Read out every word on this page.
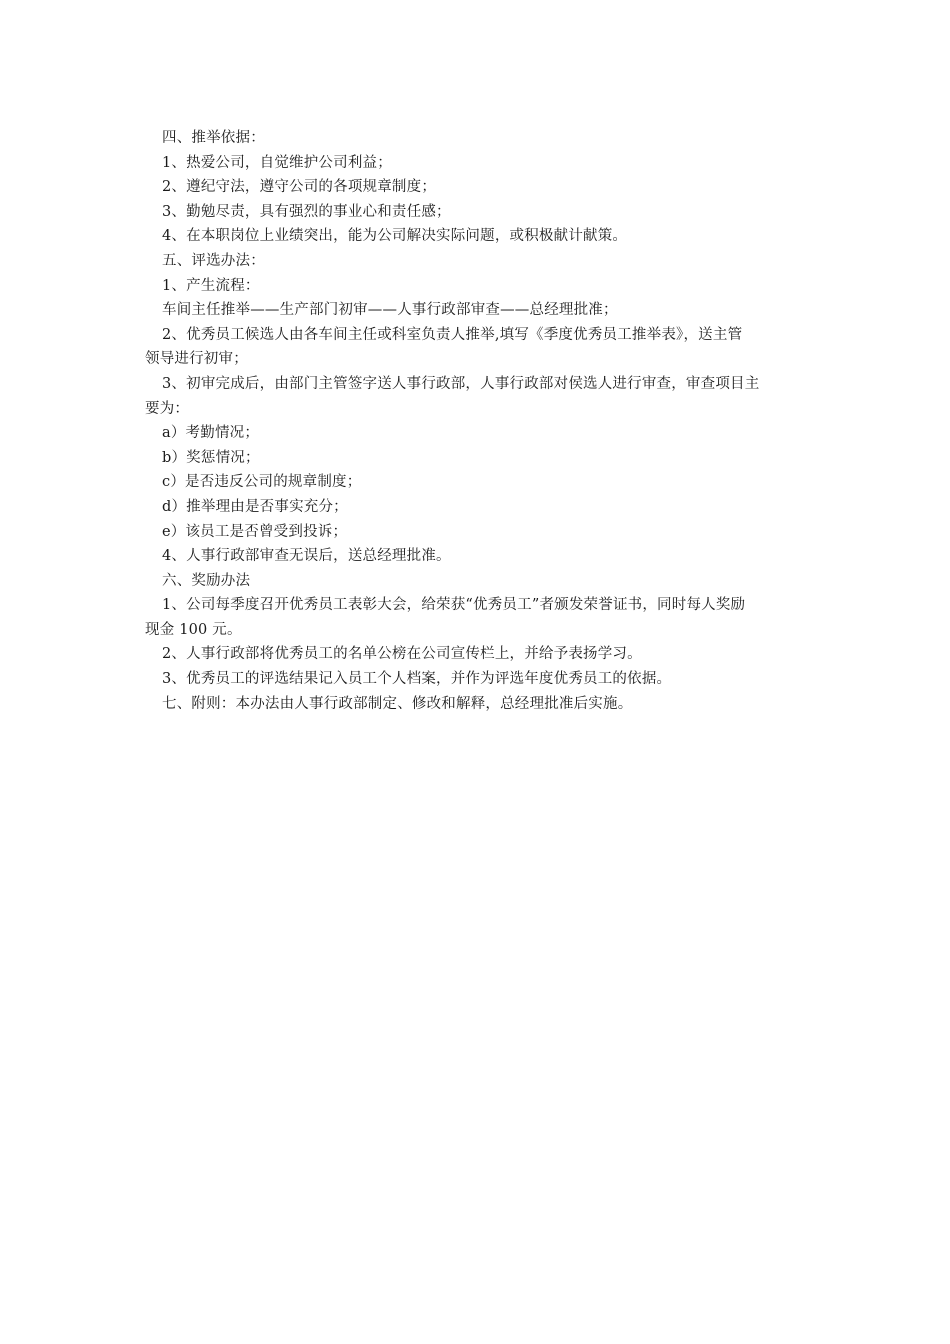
四、推举依据：

1、热爱公司，自觉维护公司利益；

2、遵纪守法，遵守公司的各项规章制度；

3、勤勉尽责，具有强烈的事业心和责任感；

4、在本职岗位上业绩突出，能为公司解决实际问题，或积极献计献策。

五、评选办法：

1、产生流程：

车间主任推举——生产部门初审——人事行政部审查——总经理批准；

2、优秀员工候选人由各车间主任或科室负责人推举,填写《季度优秀员工推举表》，送主管

领导进行初审；

3、初审完成后，由部门主管签字送人事行政部，人事行政部对侯选人进行审查，审查项目主

要为：

a）考勤情况；

b）奖惩情况；

c）是否违反公司的规章制度；

d）推举理由是否事实充分；

e）该员工是否曾受到投诉；

4、人事行政部审查无误后，送总经理批准。

六、奖励办法

1、公司每季度召开优秀员工表彰大会，给荣获“优秀员工”者颁发荣誉证书，同时每人奖励

现金 100 元。

2、人事行政部将优秀员工的名单公榜在公司宣传栏上，并给予表扬学习。

3、优秀员工的评选结果记入员工个人档案，并作为评选年度优秀员工的依据。

七、附则：本办法由人事行政部制定、修改和解释，总经理批准后实施。
